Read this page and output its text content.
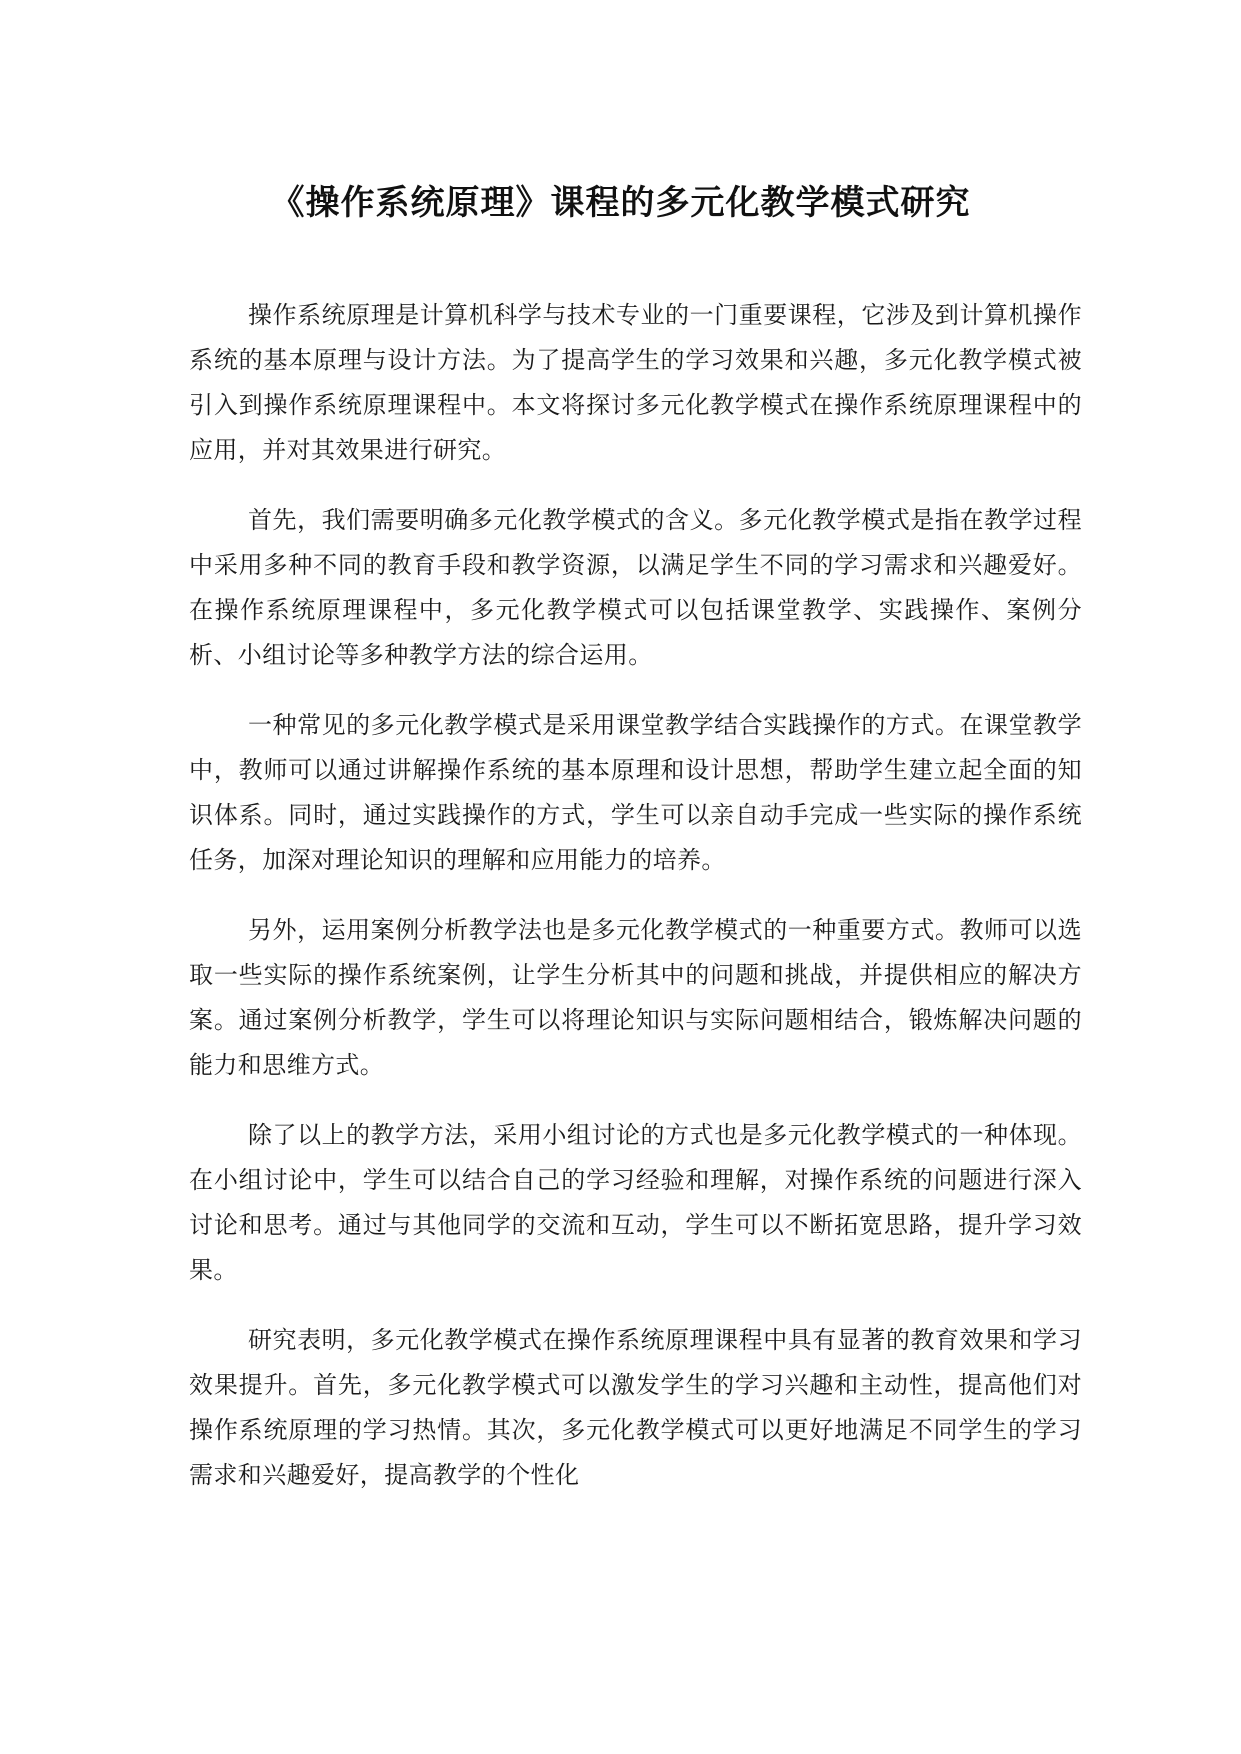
《操作系统原理》课程的多元化教学模式研究

操作系统原理是计算机科学与技术专业的一门重要课程，它涉及到计算机操作系统的基本原理与设计方法。为了提高学生的学习效果和兴趣，多元化教学模式被引入到操作系统原理课程中。本文将探讨多元化教学模式在操作系统原理课程中的应用，并对其效果进行研究。

首先，我们需要明确多元化教学模式的含义。多元化教学模式是指在教学过程中采用多种不同的教育手段和教学资源，以满足学生不同的学习需求和兴趣爱好。在操作系统原理课程中，多元化教学模式可以包括课堂教学、实践操作、案例分析、小组讨论等多种教学方法的综合运用。

一种常见的多元化教学模式是采用课堂教学结合实践操作的方式。在课堂教学中，教师可以通过讲解操作系统的基本原理和设计思想，帮助学生建立起全面的知识体系。同时，通过实践操作的方式，学生可以亲自动手完成一些实际的操作系统任务，加深对理论知识的理解和应用能力的培养。

另外，运用案例分析教学法也是多元化教学模式的一种重要方式。教师可以选取一些实际的操作系统案例，让学生分析其中的问题和挑战，并提供相应的解决方案。通过案例分析教学，学生可以将理论知识与实际问题相结合，锻炼解决问题的能力和思维方式。

除了以上的教学方法，采用小组讨论的方式也是多元化教学模式的一种体现。在小组讨论中，学生可以结合自己的学习经验和理解，对操作系统的问题进行深入讨论和思考。通过与其他同学的交流和互动，学生可以不断拓宽思路，提升学习效果。

研究表明，多元化教学模式在操作系统原理课程中具有显著的教育效果和学习效果提升。首先，多元化教学模式可以激发学生的学习兴趣和主动性，提高他们对操作系统原理的学习热情。其次，多元化教学模式可以更好地满足不同学生的学习需求和兴趣爱好，提高教学的个性化
